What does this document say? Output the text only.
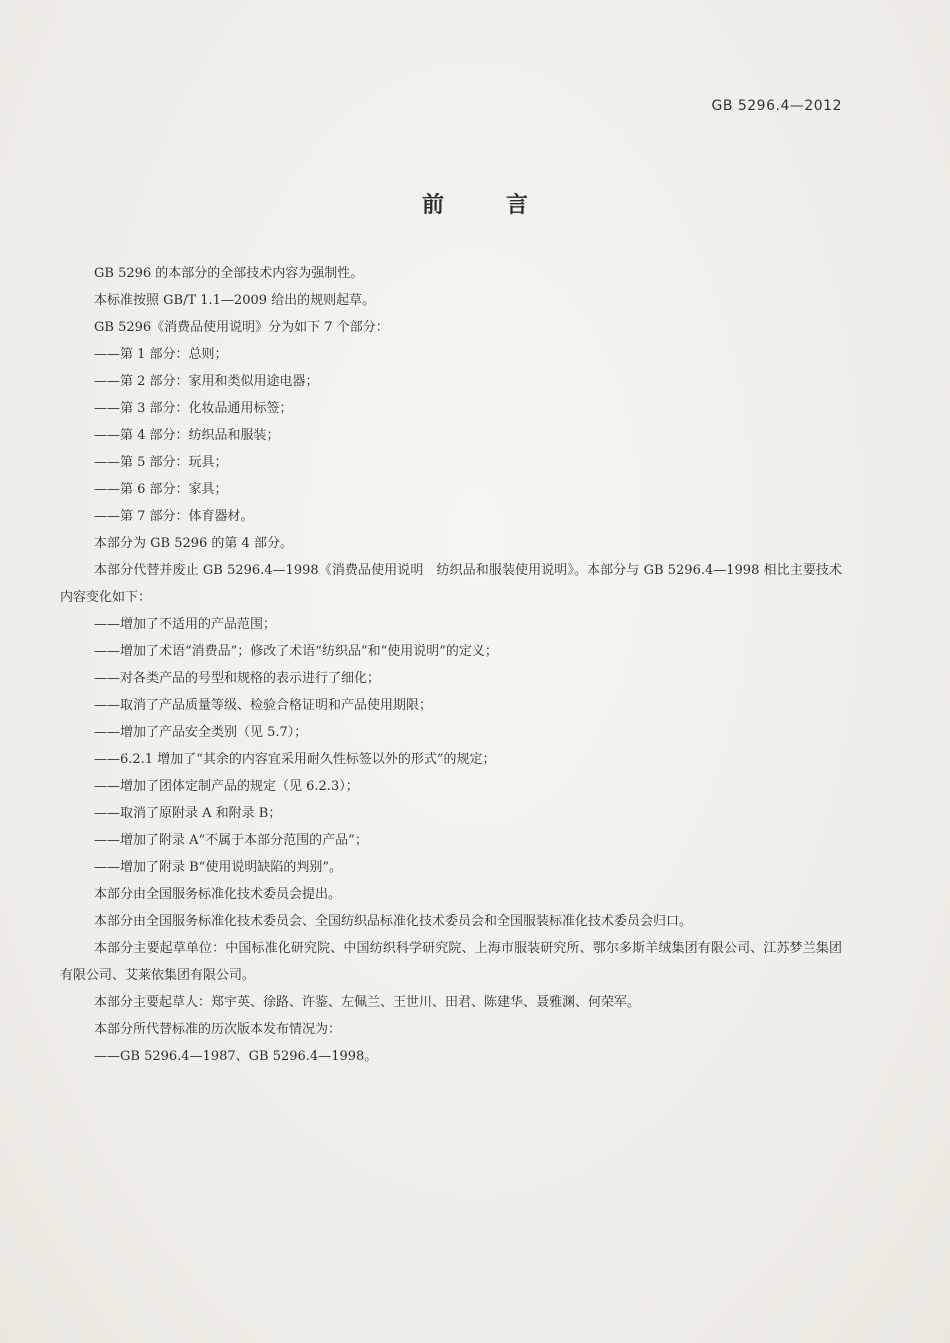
GB 5296.4—2012
前言

GB 5296 的本部分的全部技术内容为强制性。

本标准按照 GB/T 1.1—2009 给出的规则起草。

GB 5296《消费品使用说明》分为如下 7 个部分：

——第 1 部分：总则；

——第 2 部分：家用和类似用途电器；

——第 3 部分：化妆品通用标签；

——第 4 部分：纺织品和服装；

——第 5 部分：玩具；

——第 6 部分：家具；

——第 7 部分：体育器材。

本部分为 GB 5296 的第 4 部分。

本部分代替并废止 GB 5296.4—1998《消费品使用说明　纺织品和服装使用说明》。本部分与 GB 5296.4—1998 相比主要技术内容变化如下：

——增加了不适用的产品范围；

——增加了术语“消费品”；修改了术语“纺织品”和“使用说明”的定义；

——对各类产品的号型和规格的表示进行了细化；

——取消了产品质量等级、检验合格证明和产品使用期限；

——增加了产品安全类别（见 5.7）；

——6.2.1 增加了“其余的内容宜采用耐久性标签以外的形式”的规定；

——增加了团体定制产品的规定（见 6.2.3）；

——取消了原附录 A 和附录 B；

——增加了附录 A“不属于本部分范围的产品”；

——增加了附录 B“使用说明缺陷的判别”。

本部分由全国服务标准化技术委员会提出。

本部分由全国服务标准化技术委员会、全国纺织品标准化技术委员会和全国服装标准化技术委员会归口。

本部分主要起草单位：中国标准化研究院、中国纺织科学研究院、上海市服装研究所、鄂尔多斯羊绒集团有限公司、江苏梦兰集团有限公司、艾莱依集团有限公司。

本部分主要起草人：郑宇英、徐路、许鉴、左佩兰、王世川、田君、陈建华、聂雅渊、何荣军。

本部分所代替标准的历次版本发布情况为：

——GB 5296.4—1987、GB 5296.4—1998。
